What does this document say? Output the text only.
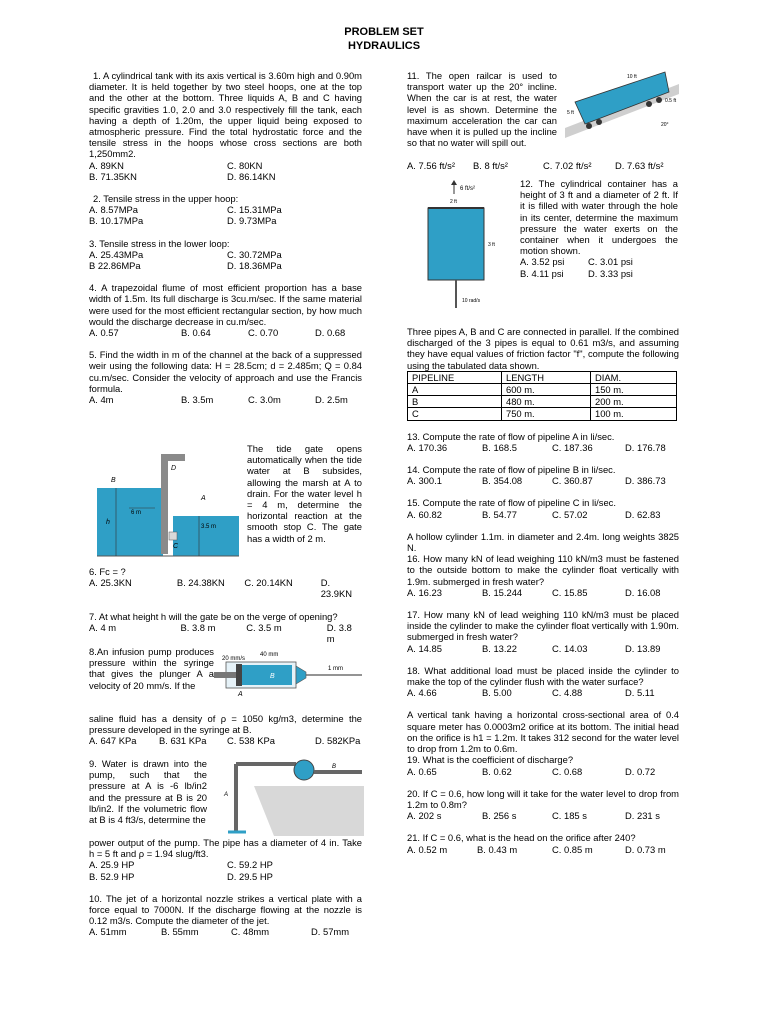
PROBLEM SET
HYDRAULICS
1. A cylindrical tank with its axis vertical is 3.60m high and 0.90m diameter. It is held together by two steel hoops, one at the top and the other at the bottom. Three liquids A, B and C having specific gravities 1.0, 2.0 and 3.0 respectively fill the tank, each having a depth of 1.20m, the upper liquid being exposed to atmospheric pressure. Find the total hydrostatic force and the tensile stress in the hoops whose cross sections are both 1,250mm2.
A. 89KN	C. 80KN
B. 71.35KN	D. 86.14KN
2. Tensile stress in the upper hoop:
A. 8.57MPa	C. 15.31MPa
B. 10.17MPa	D. 9.73MPa
3. Tensile stress in the lower loop:
A. 25.43MPa	C. 30.72MPa
B 22.86MPa	D. 18.36MPa
4. A trapezoidal flume of most efficient proportion has a base width of 1.5m. Its full discharge is 3cu.m/sec. If the same material were used for the most efficient rectangular section, by how much would the discharge decrease in cu.m/sec.
A. 0.57	B. 0.64	C. 0.70	D. 0.68
5. Find the width in m of the channel at the back of a suppressed weir using the following data: H = 28.5cm; d = 2.485m; Q = 0.84 cu.m/sec. Consider the velocity of approach and use the Francis formula.
A. 4m	B. 3.5m	C. 3.0m	D. 2.5m
The tide gate opens automatically when the tide water at B subsides, allowing the marsh at A to drain. For the water level h = 4 m, determine the horizontal reaction at the smooth stop C. The gate has a width of 2 m.
D
B
A
C
6 m
h
3.5 m
6. Fc = ?
A. 25.3KN	B. 24.38KN	C. 20.14KN	D. 23.9KN
7. At what height h will the gate be on the verge of opening?
A. 4 m	B. 3.8 m	C. 3.5 m	D. 3.8 m
8.An infusion pump produces pressure within the syringe that gives the plunger A a velocity of 20 mm/s. If the
20 mm/s
40 mm
1 mm
A
B
saline fluid has a density of ρ = 1050 kg/m3, determine the pressure developed in the syringe at B.
A. 647 KPa	B. 631 KPa	C. 538 KPa	D. 582KPa
9. Water is drawn into the pump, such that the pressure at A is -6 lb/in2 and the pressure at B is 20 lb/in2. If the volumetric flow at B is 4 ft3/s, determine the
A
B
power output of the pump. The pipe has a diameter of 4 in. Take h = 5 ft and ρ = 1.94 slug/ft3.
A. 25.9 HP	C. 59.2 HP
B. 52.9 HP	D. 29.5 HP
10. The jet of a horizontal nozzle strikes a vertical plate with a force equal to 7000N. If the discharge flowing at the nozzle is 0.12 m3/s. Compute the diameter of the jet.
A. 51mm	B. 55mm	C. 48mm	D. 57mm
11. The open railcar is used to transport water up the 20° incline. When the car is at rest, the water level is as shown. Determine the maximum acceleration the car can have when it is pulled up the incline so that no water will spill out.
10 ft
5 ft
0.5 ft
20°
A. 7.56 ft/s²	B. 8 ft/s²	C. 7.02 ft/s²	D. 7.63 ft/s²
6 ft/s²
2 ft
3 ft
10 rad/s
12. The cylindrical container has a height of 3 ft and a diameter of 2 ft. If it is filled with water through the hole in its center, determine the maximum pressure the water exerts on the container when it undergoes the motion shown.
A. 3.52 psi	C. 3.01 psi
B. 4.11 psi	D. 3.33 psi
Three pipes A, B and C are connected in parallel. If the combined discharged of the 3 pipes is equal to 0.61 m3/s, and assuming they have equal values of friction factor "f", compute the following using the tabulated data shown.
PIPELINE	LENGTH	DIAM.
A	600 m.	150 m.
B	480 m.	200 m.
C	750 m.	100 m.
13. Compute the rate of flow of pipeline A in li/sec.
A. 170.36	B. 168.5	C. 187.36	D. 176.78
14. Compute the rate of flow of pipeline B in li/sec.
A. 300.1	B. 354.08	C. 360.87	D. 386.73
15. Compute the rate of flow of pipeline C in li/sec.
A. 60.82	B. 54.77	C. 57.02	D. 62.83
A hollow cylinder 1.1m. in diameter and 2.4m. long weights 3825 N.
16. How many kN of lead weighing 110 kN/m3 must be fastened to the outside bottom to make the cylinder float vertically with 1.9m. submerged in fresh water?
A. 16.23	B. 15.244	C. 15.85	D. 16.08
17. How many kN of lead weighing 110 kN/m3 must be placed inside the cylinder to make the cylinder float vertically with 1.90m. submerged in fresh water?
A. 14.85	B. 13.22	C. 14.03	D. 13.89
18. What additional load must be placed inside the cylinder to make the top of the cylinder flush with the water surface?
A. 4.66	B. 5.00	C. 4.88	D. 5.11
A vertical tank having a horizontal cross-sectional area of 0.4 square meter has 0.0003m2 orifice at its bottom. The initial head on the orifice is h1 = 1.2m. It takes 312 second for the water level to drop from 1.2m to 0.6m.
19. What is the coefficient of discharge?
A. 0.65	B. 0.62	C. 0.68	D. 0.72
20. If C = 0.6, how long will it take for the water level to drop from 1.2m to 0.8m?
A. 202 s	B. 256 s	C. 185 s	D. 231 s
21. If C = 0.6, what is the head on the orifice after 240?
A. 0.52 m	B. 0.43 m	C. 0.85 m	D. 0.73 m
